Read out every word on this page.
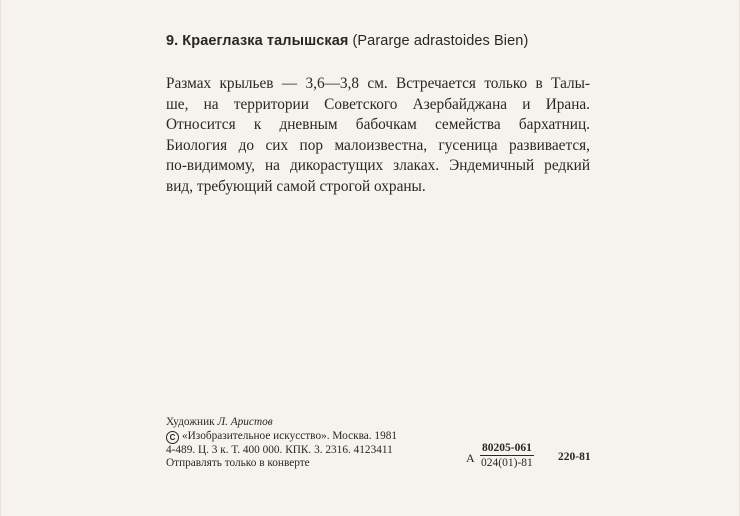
9. Краеглазка талышская (Pararge adrastoides Bien)
Размах крыльев — 3,6—3,8 см. Встречается только в Талы-
ше, на территории Советского Азербайджана и Ирана.
Относится к дневным бабочкам семейства бархатниц.
Биология до сих пор малоизвестна, гусеница развивается,
по-видимому, на дикорастущих злаках. Эндемичный редкий
вид, требующий самой строгой охраны.
Художник Л. Аристов
C «Изобразительное искусство». Москва. 1981
4-489. Ц. 3 к. Т. 400 000. КПК. 3. 2316. 4123411
Отправлять только в конверте	А $\frac{80205-061}{024(01)-81} 220-81$
